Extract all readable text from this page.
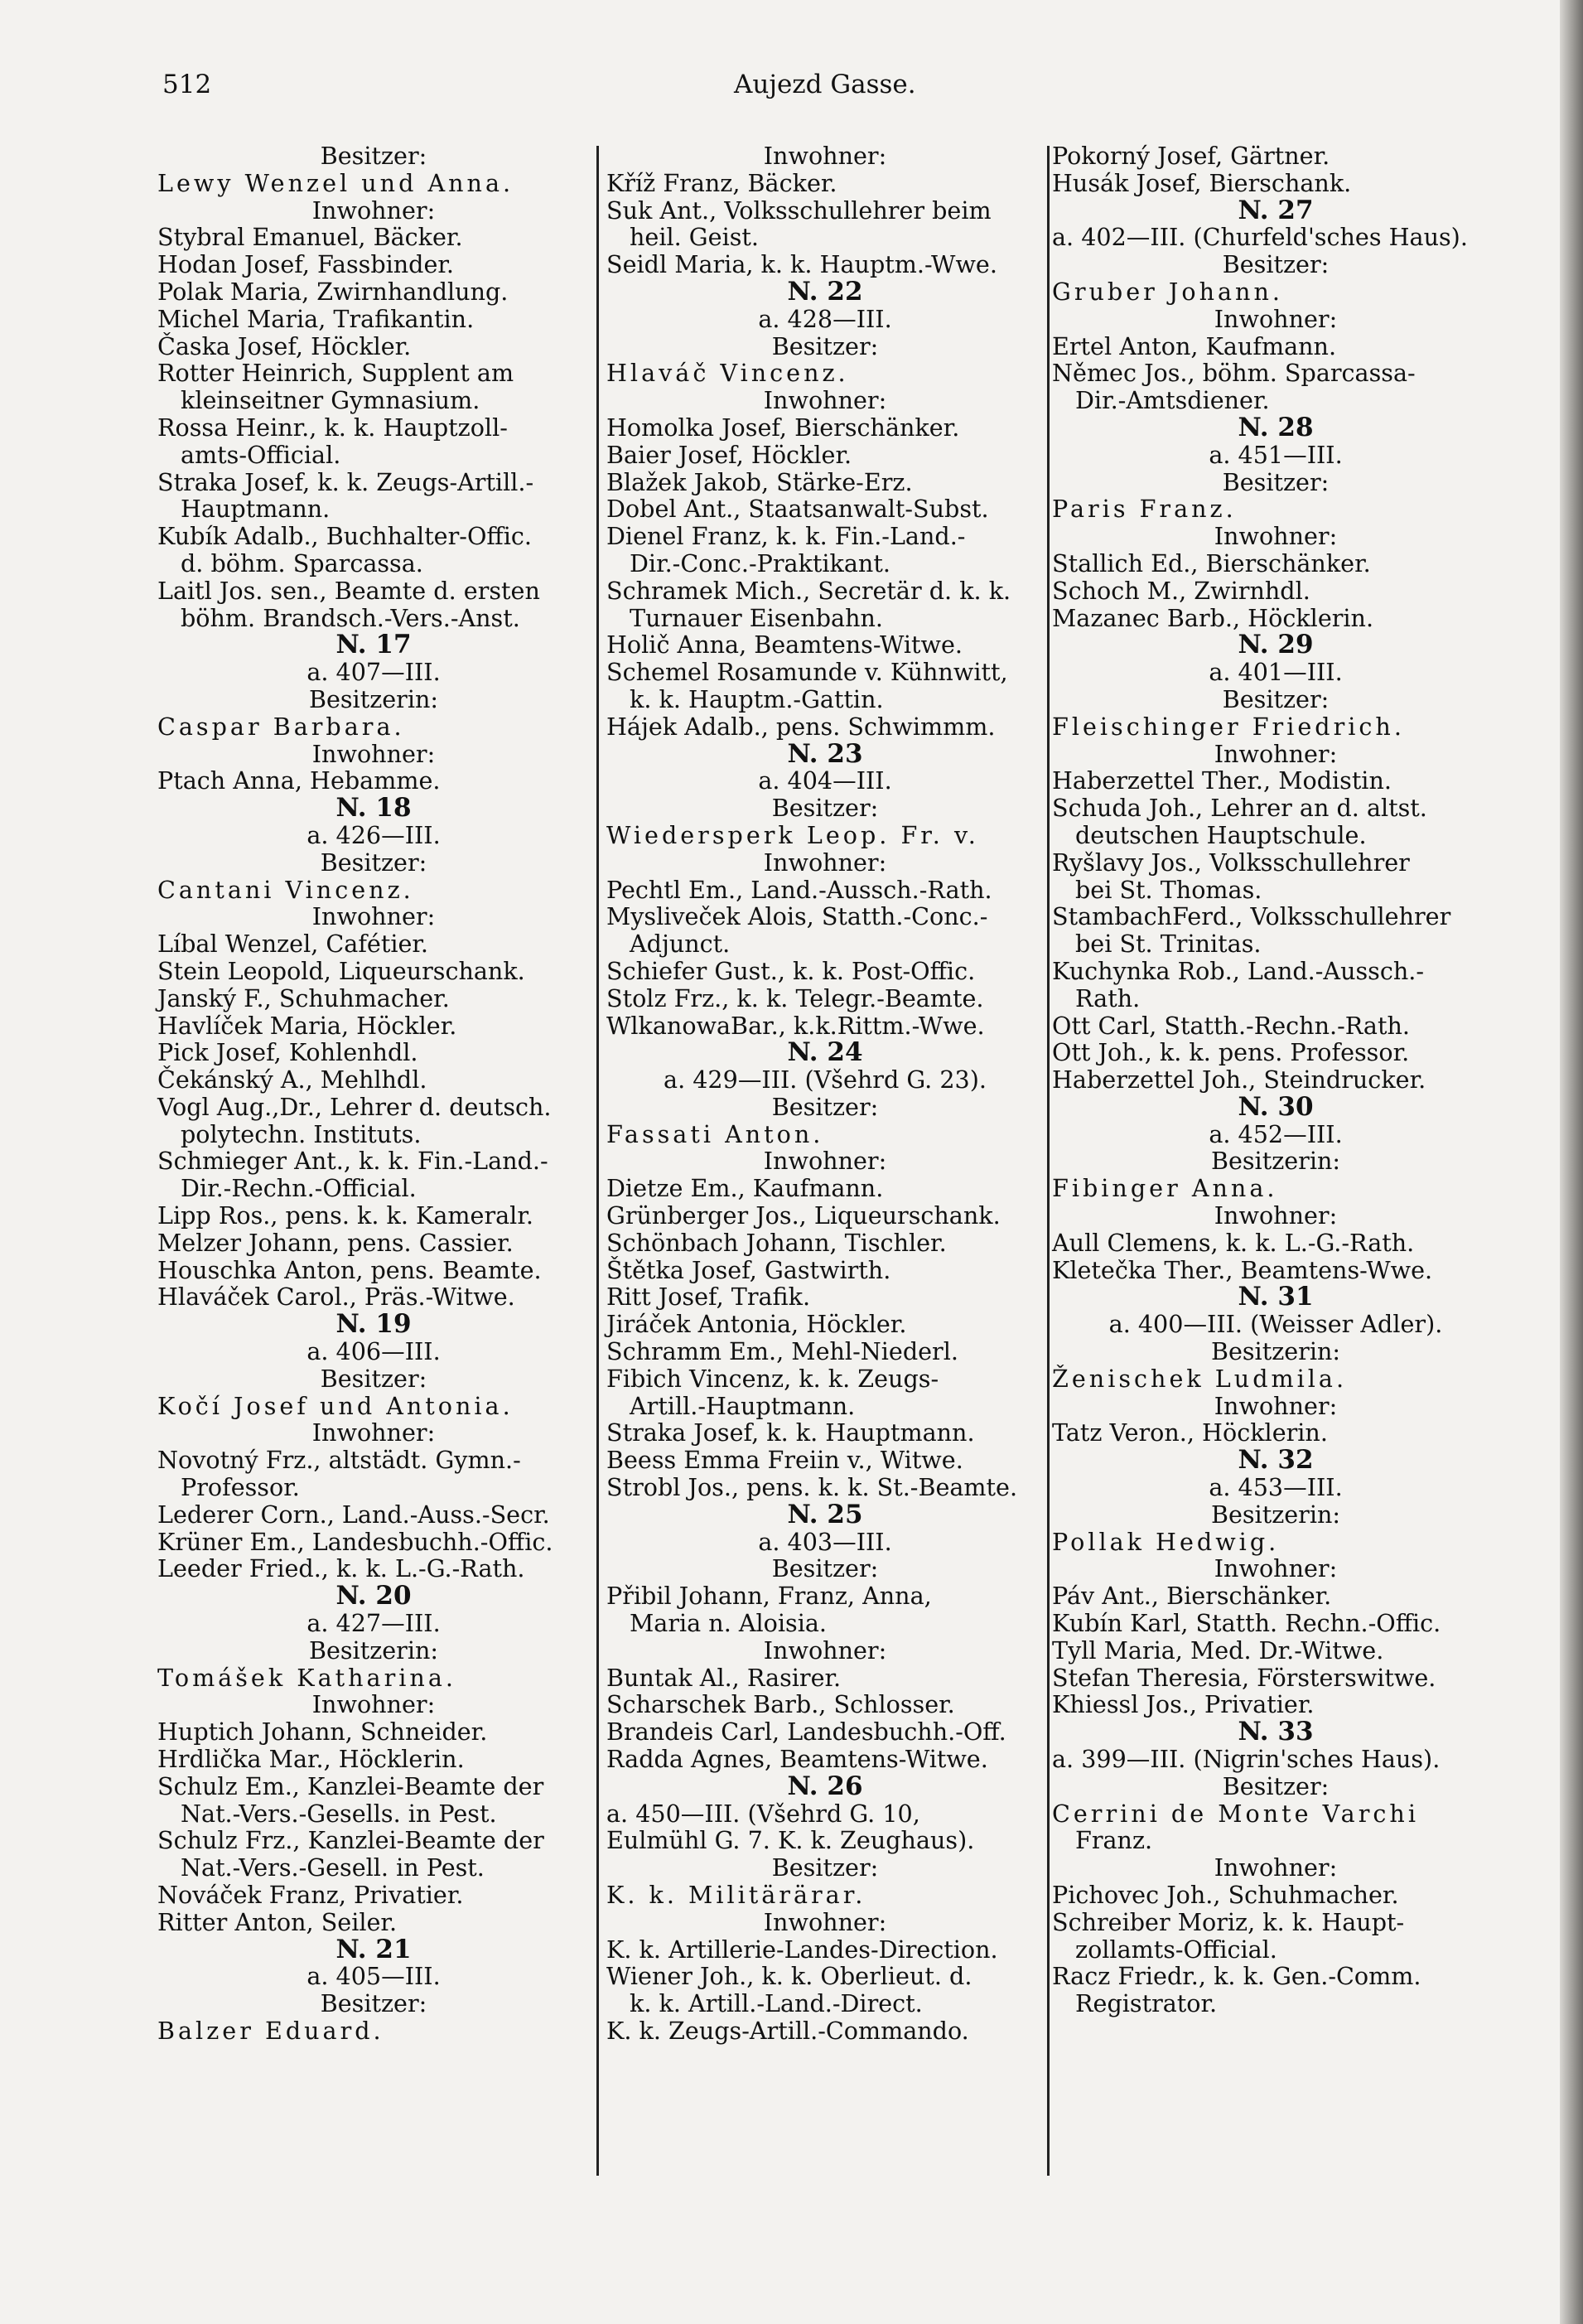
512	Aujezd Gasse.
Besitzer:
Lewy Wenzel und Anna.
Inwohner:
Stybral Emanuel, Bäcker.
Hodan Josef, Fassbinder.
Polak Maria, Zwirnhandlung.
Michel Maria, Trafikantin.
Časka Josef, Höckler.
Rotter Heinrich, Supplent am
kleinseitner Gymnasium.
Rossa Heinr., k. k. Hauptzoll-
amts-Official.
Straka Josef, k. k. Zeugs-Artill.-
Hauptmann.
Kubík Adalb., Buchhalter-Offic.
d. böhm. Sparcassa.
Laitl Jos. sen., Beamte d. ersten
böhm. Brandsch.-Vers.-Anst.
N. 17
a. 407—III.
Besitzerin:
Caspar Barbara.
Inwohner:
Ptach Anna, Hebamme.
N. 18
a. 426—III.
Besitzer:
Cantani Vincenz.
Inwohner:
Líbal Wenzel, Cafétier.
Stein Leopold, Liqueurschank.
Janský F., Schuhmacher.
Havlíček Maria, Höckler.
Pick Josef, Kohlenhdl.
Čekánský A., Mehlhdl.
Vogl Aug.,Dr., Lehrer d. deutsch.
polytechn. Instituts.
Schmieger Ant., k. k. Fin.-Land.-
Dir.-Rechn.-Official.
Lipp Ros., pens. k. k. Kameralr.
Melzer Johann, pens. Cassier.
Houschka Anton, pens. Beamte.
Hlaváček Carol., Präs.-Witwe.
N. 19
a. 406—III.
Besitzer:
Kočí Josef und Antonia.
Inwohner:
Novotný Frz., altstädt. Gymn.-
Professor.
Lederer Corn., Land.-Auss.-Secr.
Krüner Em., Landesbuchh.-Offic.
Leeder Fried., k. k. L.-G.-Rath.
N. 20
a. 427—III.
Besitzerin:
Tomášek Katharina.
Inwohner:
Huptich Johann, Schneider.
Hrdlička Mar., Höcklerin.
Schulz Em., Kanzlei-Beamte der
Nat.-Vers.-Gesells. in Pest.
Schulz Frz., Kanzlei-Beamte der
Nat.-Vers.-Gesell. in Pest.
Nováček Franz, Privatier.
Ritter Anton, Seiler.
N. 21
a. 405—III.
Besitzer:
Balzer Eduard.
Inwohner:
Kříž Franz, Bäcker.
Suk Ant., Volksschullehrer beim
heil. Geist.
Seidl Maria, k. k. Hauptm.-Wwe.
N. 22
a. 428—III.
Besitzer:
Hlaváč Vincenz.
Inwohner:
Homolka Josef, Bierschänker.
Baier Josef, Höckler.
Blažek Jakob, Stärke-Erz.
Dobel Ant., Staatsanwalt-Subst.
Dienel Franz, k. k. Fin.-Land.-
Dir.-Conc.-Praktikant.
Schramek Mich., Secretär d. k. k.
Turnauer Eisenbahn.
Holič Anna, Beamtens-Witwe.
Schemel Rosamunde v. Kühnwitt,
k. k. Hauptm.-Gattin.
Hájek Adalb., pens. Schwimmm.
N. 23
a. 404—III.
Besitzer:
Wiedersperk Leop. Fr. v.
Inwohner:
Pechtl Em., Land.-Aussch.-Rath.
Mysliveček Alois, Statth.-Conc.-
Adjunct.
Schiefer Gust., k. k. Post-Offic.
Stolz Frz., k. k. Telegr.-Beamte.
WlkanowaBar., k.k.Rittm.-Wwe.
N. 24
a. 429—III. (Všehrd G. 23).
Besitzer:
Fassati Anton.
Inwohner:
Dietze Em., Kaufmann.
Grünberger Jos., Liqueurschank.
Schönbach Johann, Tischler.
Štětka Josef, Gastwirth.
Ritt Josef, Trafik.
Jiráček Antonia, Höckler.
Schramm Em., Mehl-Niederl.
Fibich Vincenz, k. k. Zeugs-
Artill.-Hauptmann.
Straka Josef, k. k. Hauptmann.
Beess Emma Freiin v., Witwe.
Strobl Jos., pens. k. k. St.-Beamte.
N. 25
a. 403—III.
Besitzer:
Přibil Johann, Franz, Anna,
Maria n. Aloisia.
Inwohner:
Buntak Al., Rasirer.
Scharschek Barb., Schlosser.
Brandeis Carl, Landesbuchh.-Off.
Radda Agnes, Beamtens-Witwe.
N. 26
a. 450—III. (Všehrd G. 10,
Eulmühl G. 7. K. k. Zeughaus).
Besitzer:
K. k. Militärärar.
Inwohner:
K. k. Artillerie-Landes-Direction.
Wiener Joh., k. k. Oberlieut. d.
k. k. Artill.-Land.-Direct.
K. k. Zeugs-Artill.-Commando.
Pokorný Josef, Gärtner.
Husák Josef, Bierschank.
N. 27
a. 402—III. (Churfeld'sches Haus).
Besitzer:
Gruber Johann.
Inwohner:
Ertel Anton, Kaufmann.
Němec Jos., böhm. Sparcassa-
Dir.-Amtsdiener.
N. 28
a. 451—III.
Besitzer:
Paris Franz.
Inwohner:
Stallich Ed., Bierschänker.
Schoch M., Zwirnhdl.
Mazanec Barb., Höcklerin.
N. 29
a. 401—III.
Besitzer:
Fleischinger Friedrich.
Inwohner:
Haberzettel Ther., Modistin.
Schuda Joh., Lehrer an d. altst.
deutschen Hauptschule.
Ryšlavy Jos., Volksschullehrer
bei St. Thomas.
StambachFerd., Volksschullehrer
bei St. Trinitas.
Kuchynka Rob., Land.-Aussch.-
Rath.
Ott Carl, Statth.-Rechn.-Rath.
Ott Joh., k. k. pens. Professor.
Haberzettel Joh., Steindrucker.
N. 30
a. 452—III.
Besitzerin:
Fibinger Anna.
Inwohner:
Aull Clemens, k. k. L.-G.-Rath.
Kletečka Ther., Beamtens-Wwe.
N. 31
a. 400—III. (Weisser Adler).
Besitzerin:
Ženischek Ludmila.
Inwohner:
Tatz Veron., Höcklerin.
N. 32
a. 453—III.
Besitzerin:
Pollak Hedwig.
Inwohner:
Páv Ant., Bierschänker.
Kubín Karl, Statth. Rechn.-Offic.
Tyll Maria, Med. Dr.-Witwe.
Stefan Theresia, Försterswitwe.
Khiessl Jos., Privatier.
N. 33
a. 399—III. (Nigrin'sches Haus).
Besitzer:
Cerrini de Monte Varchi
Franz.
Inwohner:
Pichovec Joh., Schuhmacher.
Schreiber Moriz, k. k. Haupt-
zollamts-Official.
Racz Friedr., k. k. Gen.-Comm.
Registrator.
